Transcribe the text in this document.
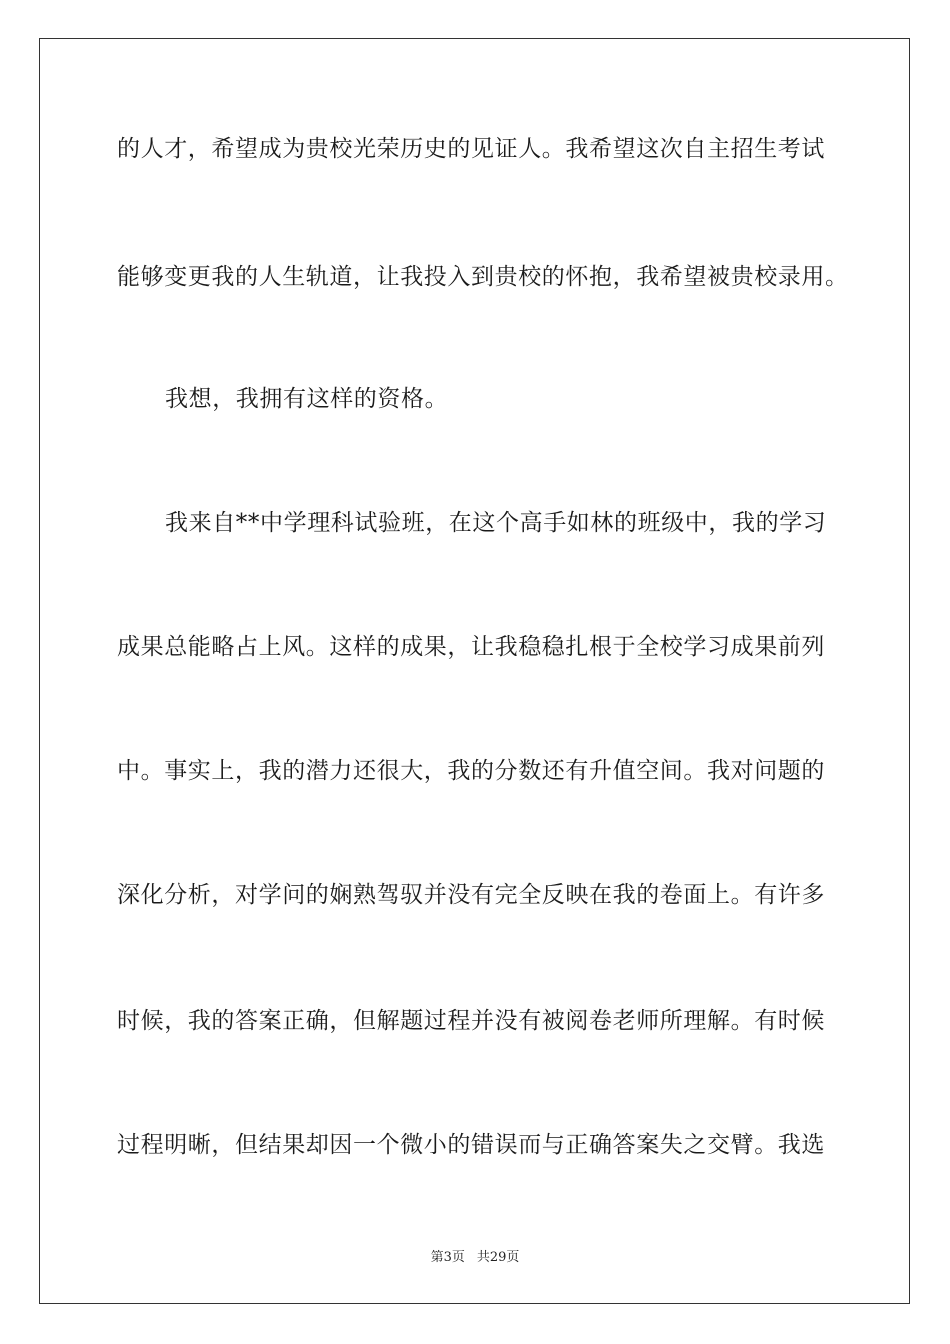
的人才，希望成为贵校光荣历史的见证人。我希望这次自主招生考试
能够变更我的人生轨道，让我投入到贵校的怀抱，我希望被贵校录用。
我想，我拥有这样的资格。
我来自**中学理科试验班，在这个高手如林的班级中，我的学习
成果总能略占上风。这样的成果，让我稳稳扎根于全校学习成果前列
中。事实上，我的潜力还很大，我的分数还有升值空间。我对问题的
深化分析，对学问的娴熟驾驭并没有完全反映在我的卷面上。有许多
时候，我的答案正确，但解题过程并没有被阅卷老师所理解。有时候
过程明晰，但结果却因一个微小的错误而与正确答案失之交臂。我选
第3页 共29页
